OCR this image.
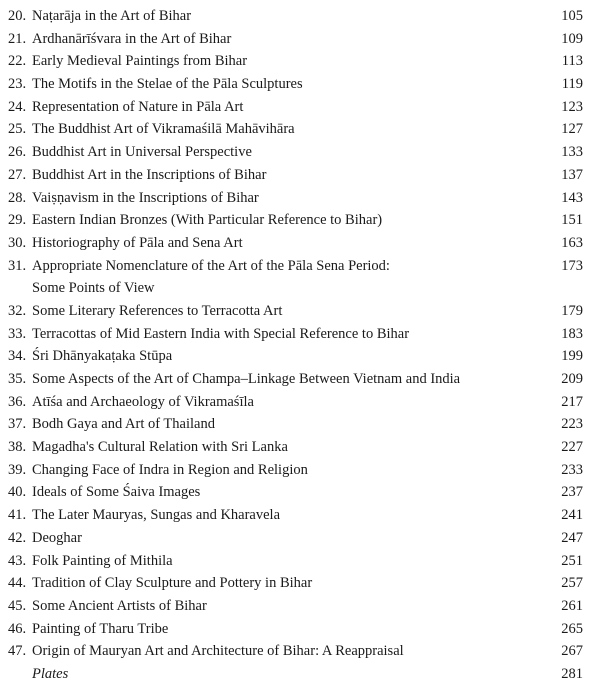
20. Naṭarāja in the Art of Bihar	105
21. Ardhanārīśvara in the Art of Bihar	109
22. Early Medieval Paintings from Bihar	113
23. The Motifs in the Stelae of the Pāla Sculptures	119
24. Representation of Nature in Pāla Art	123
25. The Buddhist Art of Vikramaśilā Mahāvihāra	127
26. Buddhist Art in Universal Perspective	133
27. Buddhist Art in the Inscriptions of Bihar	137
28. Vaiṣṇavism in the Inscriptions of Bihar	143
29. Eastern Indian Bronzes (With Particular Reference to Bihar)	151
30. Historiography of Pāla and Sena Art	163
31. Appropriate Nomenclature of the Art of the Pāla Sena Period:	173
Some Points of View
32. Some Literary References to Terracotta Art	179
33. Terracottas of Mid Eastern India with Special Reference to Bihar	183
34. Śri Dhānyakaṭaka Stūpa	199
35. Some Aspects of the Art of Champa–Linkage Between Vietnam and India	209
36. Atīśa and Archaeology of Vikramaśīla	217
37. Bodh Gaya and Art of Thailand	223
38. Magadha's Cultural Relation with Sri Lanka	227
39. Changing Face of Indra in Region and Religion	233
40. Ideals of Some Śaiva Images	237
41. The Later Mauryas, Sungas and Kharavela	241
42. Deoghar	247
43. Folk Painting of Mithila	251
44. Tradition of Clay Sculpture and Pottery in Bihar	257
45. Some Ancient Artists of Bihar	261
46. Painting of Tharu Tribe	265
47. Origin of Mauryan Art and Architecture of Bihar: A Reappraisal	267
Plates	281
